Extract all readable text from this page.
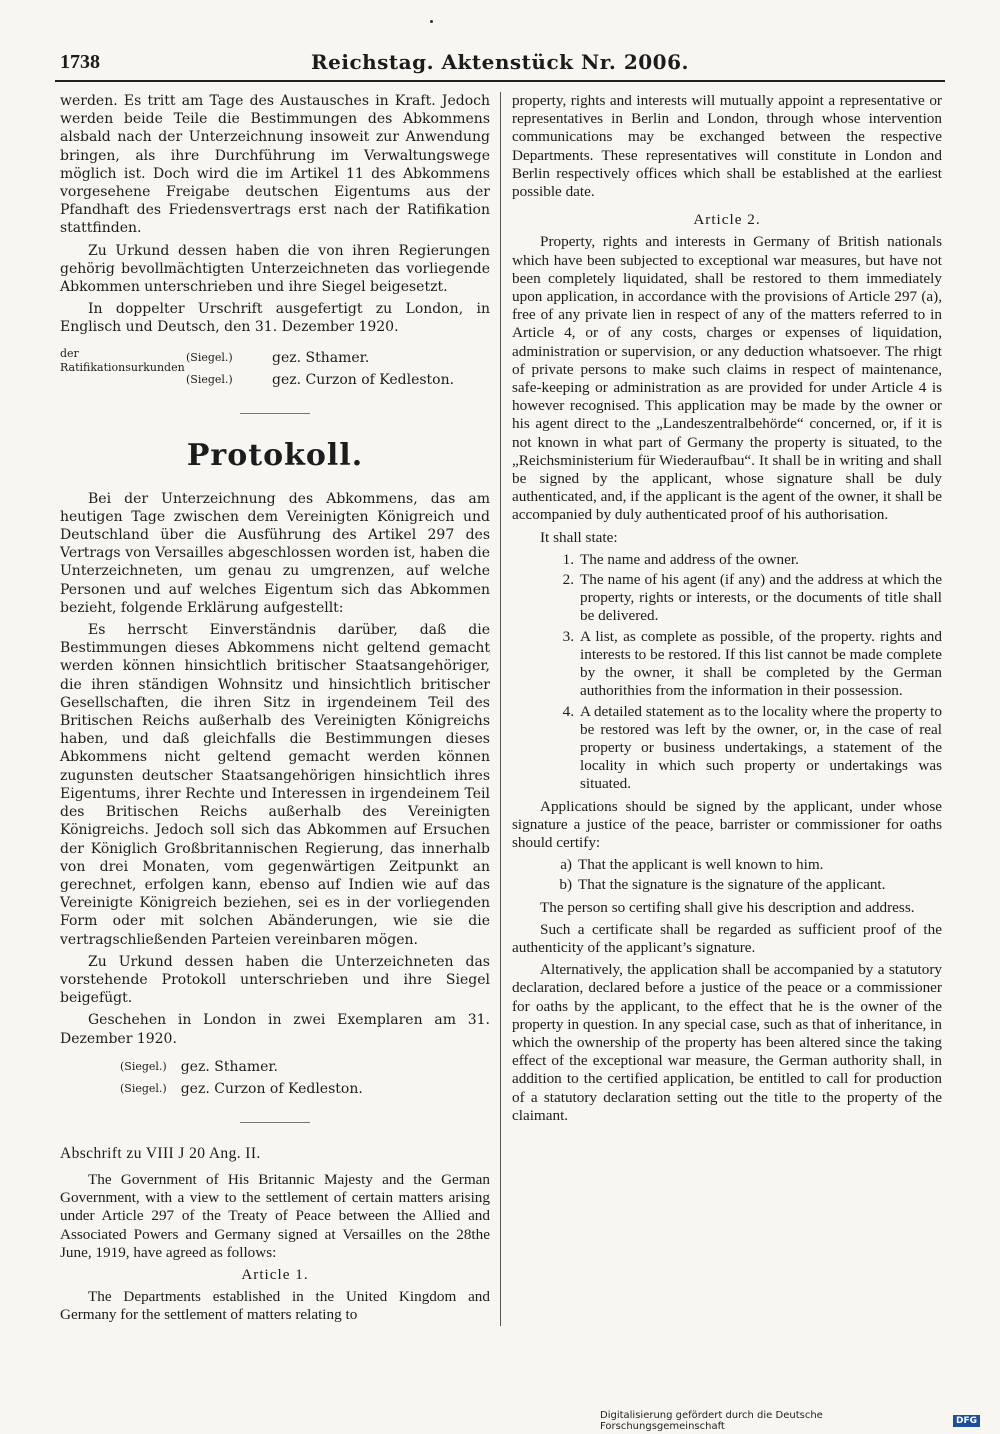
1738	Reichstag. Aktenstück Nr. 2006.

werden. Es tritt am Tage des Austausches in Kraft. Jedoch werden beide Teile die Bestimmungen des Abkommens alsbald nach der Unterzeichnung insoweit zur Anwendung bringen, als ihre Durchführung im Verwaltungswege möglich ist. Doch wird die im Artikel 11 des Abkommens vorgesehene Freigabe deutschen Eigentums aus der Pfandhaft des Friedensvertrags erst nach der Ratifikation stattfinden.

Zu Urkund dessen haben die von ihren Regierungen gehörig bevollmächtigten Unterzeichneten das vorliegende Abkommen unterschrieben und ihre Siegel beigesetzt.

In doppelter Urschrift ausgefertigt zu London, in Englisch und Deutsch, den 31. Dezember 1920.

der Ratifikationsurkunden
(Siegel.)
(Siegel.)
gez. Sthamer.
gez. Curzon of Kedleston.
Protokoll.

Bei der Unterzeichnung des Abkommens, das am heutigen Tage zwischen dem Vereinigten Königreich und Deutschland über die Ausführung des Artikel 297 des Vertrags von Versailles abgeschlossen worden ist, haben die Unterzeichneten, um genau zu umgrenzen, auf welche Personen und auf welches Eigentum sich das Abkommen bezieht, folgende Erklärung aufgestellt:

Es herrscht Einverständnis darüber, daß die Bestimmungen dieses Abkommens nicht geltend gemacht werden können hinsichtlich britischer Staatsangehöriger, die ihren ständigen Wohnsitz und hinsichtlich britischer Gesellschaften, die ihren Sitz in irgendeinem Teil des Britischen Reichs außerhalb des Vereinigten Königreichs haben, und daß gleichfalls die Bestimmungen dieses Abkommens nicht geltend gemacht werden können zugunsten deutscher Staatsangehörigen hinsichtlich ihres Eigentums, ihrer Rechte und Interessen in irgendeinem Teil des Britischen Reichs außerhalb des Vereinigten Königreichs. Jedoch soll sich das Abkommen auf Ersuchen der Königlich Großbritannischen Regierung, das innerhalb von drei Monaten, vom gegenwärtigen Zeitpunkt an gerechnet, erfolgen kann, ebenso auf Indien wie auf das Vereinigte Königreich beziehen, sei es in der vorliegenden Form oder mit solchen Abänderungen, wie sie die vertragschließenden Parteien vereinbaren mögen.

Zu Urkund dessen haben die Unterzeichneten das vorstehende Protokoll unterschrieben und ihre Siegel beigefügt.

Geschehen in London in zwei Exemplaren am 31. Dezember 1920.

(Siegel.) gez. Sthamer.
(Siegel.) gez. Curzon of Kedleston.
Abschrift zu VIII J 20 Ang. II.

The Government of His Britannic Majesty and the German Government, with a view to the settlement of certain matters arising under Article 297 of the Treaty of Peace between the Allied and Associated Powers and Germany signed at Versailles on the 28the June, 1919, have agreed as follows:

Article 1.

The Departments established in the United Kingdom and Germany for the settlement of matters relating to

property, rights and interests will mutually appoint a representative or representatives in Berlin and London, through whose intervention communications may be exchanged between the respective Departments. These representatives will constitute in London and Berlin respectively offices which shall be established at the earliest possible date.

Article 2.

Property, rights and interests in Germany of British nationals which have been subjected to exceptional war measures, but have not been completely liquidated, shall be restored to them immediately upon application, in accordance with the provisions of Article 297 (a), free of any private lien in respect of any of the matters referred to in Article 4, or of any costs, charges or expenses of liquidation, administration or supervision, or any deduction whatsoever. The rhigt of private persons to make such claims in respect of maintenance, safe-keeping or administration as are provided for under Article 4 is however recognised. This application may be made by the owner or his agent direct to the „Landeszentralbehörde“ concerned, or, if it is not known in what part of Germany the property is situated, to the „Reichsministerium für Wiederaufbau“. It shall be in writing and shall be signed by the applicant, whose signature shall be duly authenticated, and, if the applicant is the agent of the owner, it shall be accompanied by duly authenticated proof of his authorisation.

It shall state:

1. The name and address of the owner.
2. The name of his agent (if any) and the address at which the property, rights or interests, or the documents of title shall be delivered.
3. A list, as complete as possible, of the property. rights and interests to be restored. If this list cannot be made complete by the owner, it shall be completed by the German authorithies from the information in their possession.
4. A detailed statement as to the locality where the property to be restored was left by the owner, or, in the case of real property or business undertakings, a statement of the locality in which such property or undertakings was situated.

Applications should be signed by the applicant, under whose signature a justice of the peace, barrister or commissioner for oaths should certify:

a) That the applicant is well known to him.
b) That the signature is the signature of the applicant.

The person so certifing shall give his description and address.

Such a certificate shall be regarded as sufficient proof of the authenticity of the applicant’s signature.

Alternatively, the application shall be accompanied by a statutory declaration, declared before a justice of the peace or a commissioner for oaths by the applicant, to the effect that he is the owner of the property in question. In any special case, such as that of inheritance, in which the ownership of the property has been altered since the taking effect of the exceptional war measure, the German authority shall, in addition to the certified application, be entitled to call for production of a statutory declaration setting out the title to the property of the claimant.

Digitalisierung gefördert durch die Deutsche Forschungsgemeinschaft	DFG
